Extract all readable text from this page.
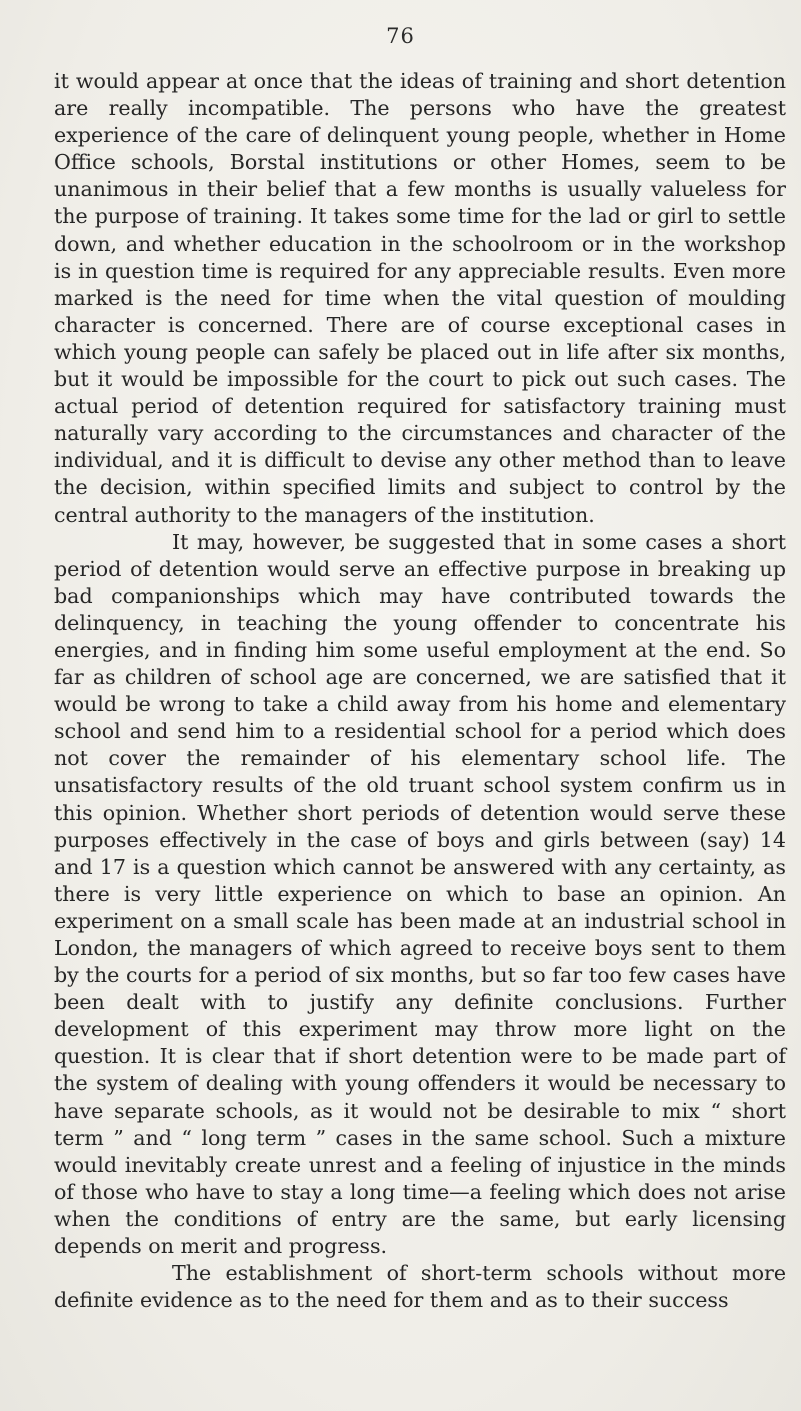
76

it would appear at once that the ideas of training and short detention are really incompatible. The persons who have the greatest experience of the care of delinquent young people, whether in Home Office schools, Borstal institutions or other Homes, seem to be unanimous in their belief that a few months is usually valueless for the purpose of training. It takes some time for the lad or girl to settle down, and whether education in the schoolroom or in the workshop is in question time is required for any appreciable results. Even more marked is the need for time when the vital question of moulding character is concerned. There are of course exceptional cases in which young people can safely be placed out in life after six months, but it would be impossible for the court to pick out such cases. The actual period of detention required for satisfactory training must naturally vary according to the circumstances and character of the individual, and it is difficult to devise any other method than to leave the decision, within specified limits and subject to control by the central authority to the managers of the institution.

It may, however, be suggested that in some cases a short period of detention would serve an effective purpose in breaking up bad companionships which may have contributed towards the delinquency, in teaching the young offender to concentrate his energies, and in finding him some useful employment at the end. So far as children of school age are concerned, we are satisfied that it would be wrong to take a child away from his home and elementary school and send him to a residential school for a period which does not cover the remainder of his elementary school life. The unsatisfactory results of the old truant school system confirm us in this opinion. Whether short periods of detention would serve these purposes effectively in the case of boys and girls between (say) 14 and 17 is a question which cannot be answered with any certainty, as there is very little experience on which to base an opinion. An experiment on a small scale has been made at an industrial school in London, the managers of which agreed to receive boys sent to them by the courts for a period of six months, but so far too few cases have been dealt with to justify any definite conclusions. Further development of this experiment may throw more light on the question. It is clear that if short detention were to be made part of the system of dealing with young offenders it would be necessary to have separate schools, as it would not be desirable to mix “ short term ” and “ long term ” cases in the same school. Such a mixture would inevitably create unrest and a feeling of injustice in the minds of those who have to stay a long time—a feeling which does not arise when the conditions of entry are the same, but early licensing depends on merit and progress.

The establishment of short-term schools without more definite evidence as to the need for them and as to their success
